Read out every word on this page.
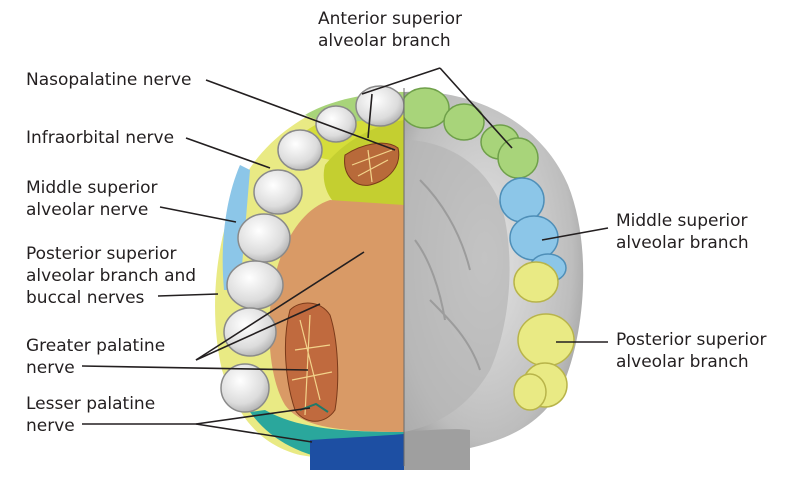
Anterior superior
alveolar branch
Nasopalatine nerve
Infraorbital nerve
Middle superior
alveolar nerve
Posterior superior
alveolar branch and
buccal nerves
Greater palatine
nerve
Lesser palatine
nerve
Middle superior
alveolar branch
Posterior superior
alveolar branch
